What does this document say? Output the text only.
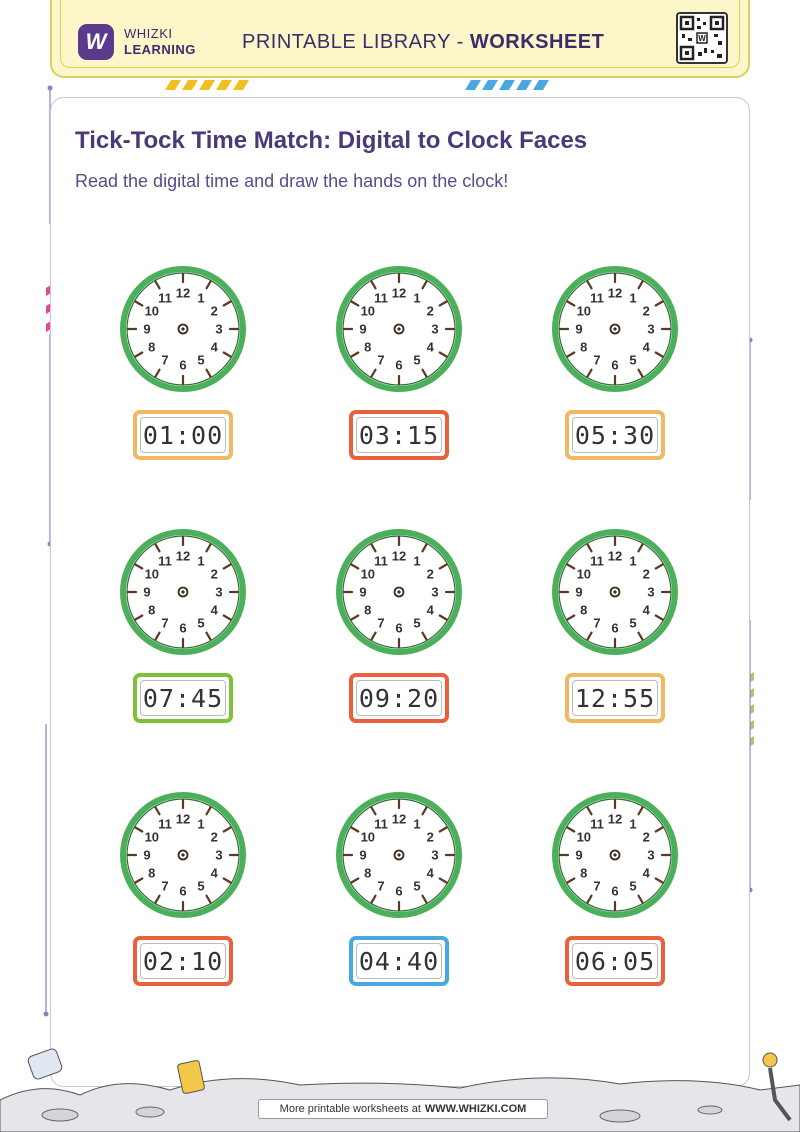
W WHIZKI
LEARNING PRINTABLE LIBRARY - WORKSHEET	W
Tick-Tock Time Match: Digital to Clock Faces

Read the digital time and draw the hands on the clock!

12 1
2
3
4
5
6
7
8
9
10
11
01:00
12 1
2
3
4
5
6
7
8
9
10
11
03:15
12 1
2
3
4
5
6
7
8
9
10
11
05:30
12 1
2
3
4
5
6
7
8
9
10
11
07:45
12 1
2
3
4
5
6
7
8
9
10
11
09:20
12 1
2
3
4
5
6
7
8
9
10
11
12:55
12 1
2
3
4
5
6
7
8
9
10
11
02:10
12 1
2
3
4
5
6
7
8
9
10
11
04:40
12 1
2
3
4
5
6
7
8
9
10
11
06:05
More printable worksheets at WWW.WHIZKI.COM
